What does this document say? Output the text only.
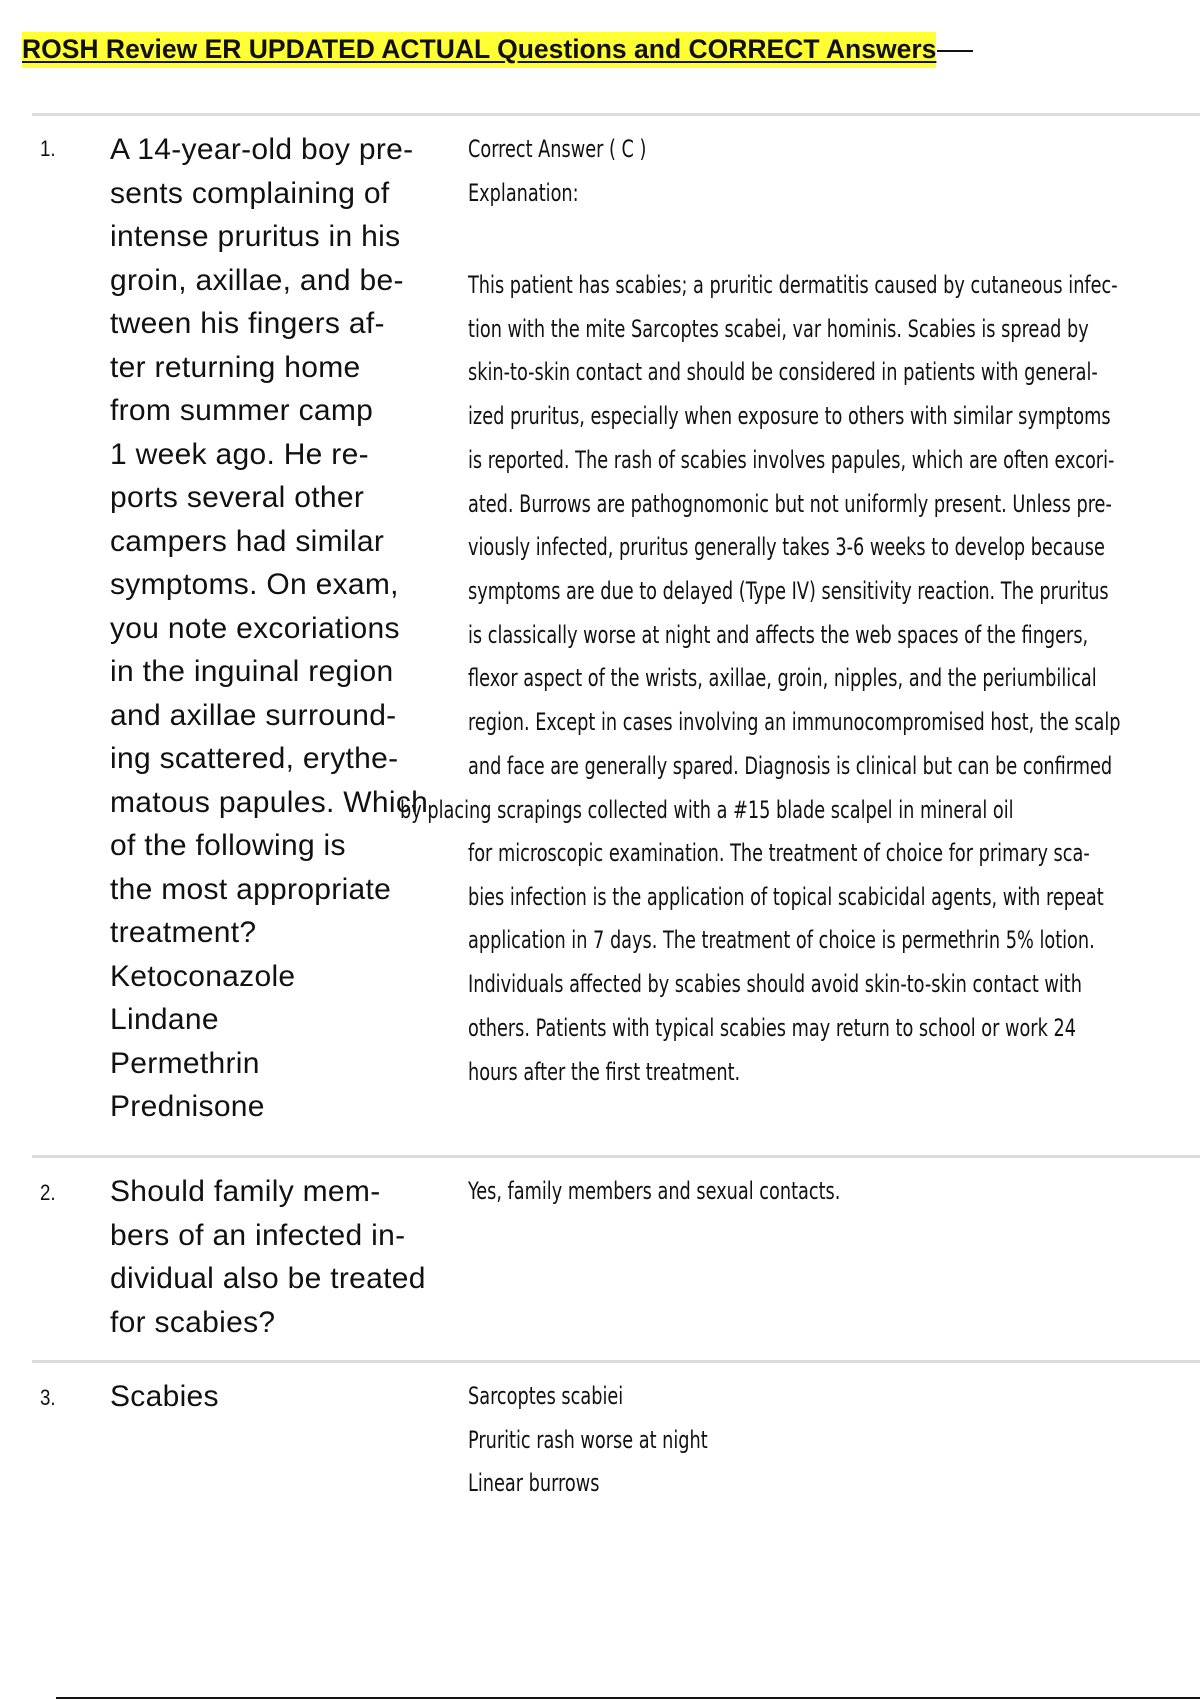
ROSH Review ER UPDATED ACTUAL Questions and CORRECT Answers
1. A 14-year-old boy pre-
sents complaining of
intense pruritus in his
groin, axillae, and be-
tween his fingers af-
ter returning home
from summer camp
1 week ago. He re-
ports several other
campers had similar
symptoms. On exam,
you note excoriations
in the inguinal region
and axillae surround-
ing scattered, erythe-
matous papules. Which
of the following is
the most appropriate
treatment?
Ketoconazole
Lindane
Permethrin
Prednisone
Correct Answer ( C )
Explanation:
This patient has scabies; a pruritic dermatitis caused by cutaneous infec-
tion with the mite Sarcoptes scabei, var hominis. Scabies is spread by
skin-to-skin contact and should be considered in patients with general-
ized pruritus, especially when exposure to others with similar symptoms
is reported. The rash of scabies involves papules, which are often excori-
ated. Burrows are pathognomonic but not uniformly present. Unless pre-
viously infected, pruritus generally takes 3-6 weeks to develop because
symptoms are due to delayed (Type IV) sensitivity reaction. The pruritus
is classically worse at night and affects the web spaces of the fingers,
flexor aspect of the wrists, axillae, groin, nipples, and the periumbilical
region. Except in cases involving an immunocompromised host, the scalp
and face are generally spared. Diagnosis is clinical but can be confirmed
by placing scrapings collected with a #15 blade scalpel in mineral oil
for microscopic examination. The treatment of choice for primary sca-
bies infection is the application of topical scabicidal agents, with repeat
application in 7 days. The treatment of choice is permethrin 5% lotion.
Individuals affected by scabies should avoid skin-to-skin contact with
others. Patients with typical scabies may return to school or work 24
hours after the first treatment.
2. Should family mem-
bers of an infected in-
dividual also be treated
for scabies?
Yes, family members and sexual contacts.
3. Scabies	Sarcoptes scabiei
Pruritic rash worse at night
Linear burrows
